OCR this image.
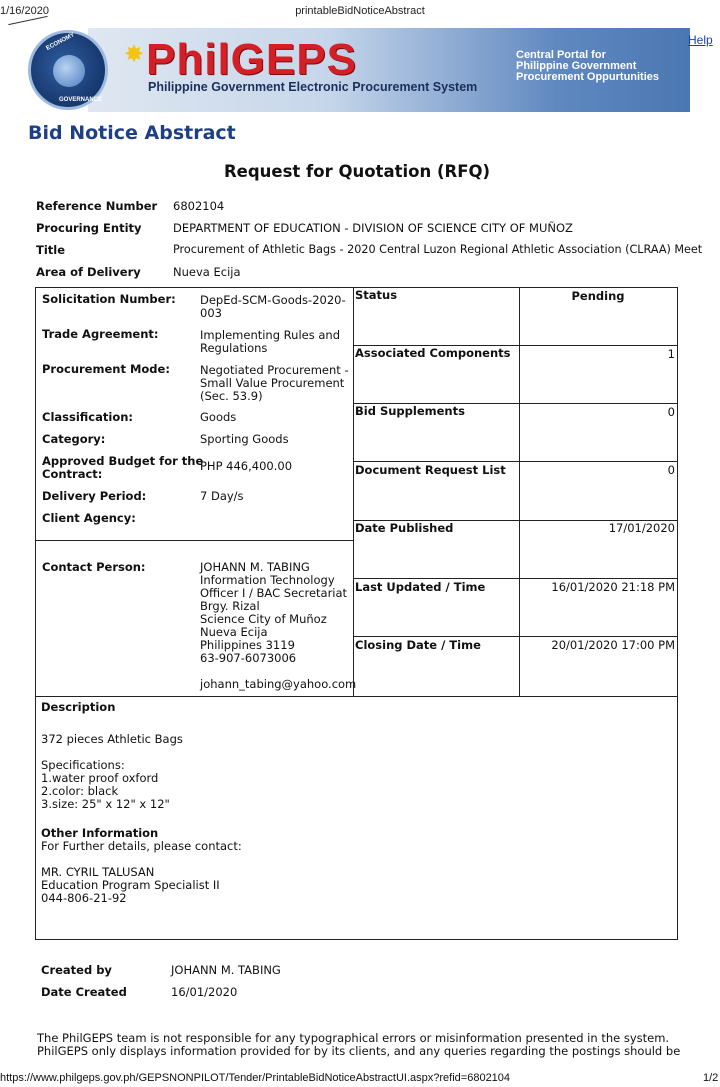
1/16/2020	printableBidNoticeAbstract
ECONOMY
GOVERNANCE
✸ PhilGEPS
Philippine Government Electronic Procurement System
Central Portal for
Philippine Government
Procurement Oppurtunities
Help
Bid Notice Abstract
Request for Quotation (RFQ)
Reference Number 6802104
Procuring Entity	DEPARTMENT OF EDUCATION - DIVISION OF SCIENCE CITY OF MUÑOZ
Title	Procurement of Athletic Bags - 2020 Central Luzon Regional Athletic Association (CLRAA) Meet
Area of Delivery	Nueva Ecija
Solicitation Number: DepEd-SCM-Goods-2020-
003
Trade Agreement:	Implementing Rules and
Regulations
Procurement Mode:	Negotiated Procurement -
Small Value Procurement
(Sec. 53.9)
Classification:	Goods
Category:	Sporting Goods
Approved Budget for the
Contract:
PHP 446,400.00
Delivery Period:	7 Day/s
Client Agency:
Contact Person:	JOHANN M. TABING
Information Technology
Officer I / BAC Secretariat
Brgy. Rizal
Science City of Muñoz
Nueva Ecija
Philippines 3119
63-907-6073006

johann_tabing@yahoo.com
Status	Pending
Associated Components	1
Bid Supplements	0
Document Request List	0
Date Published	17/01/2020
Last Updated / Time	16/01/2020 21:18 PM
Closing Date / Time	20/01/2020 17:00 PM
Description
372 pieces Athletic Bags

Specifications:
1.water proof oxford
2.color: black
3.size: 25" x 12" x 12"
Other Information
For Further details, please contact:

MR. CYRIL TALUSAN
Education Program Specialist II
044-806-21-92
Created by	JOHANN M. TABING
Date Created	16/01/2020
The PhilGEPS team is not responsible for any typographical errors or misinformation presented in the system.
PhilGEPS only displays information provided for by its clients, and any queries regarding the postings should be
https://www.philgeps.gov.ph/GEPSNONPILOT/Tender/PrintableBidNoticeAbstractUI.aspx?refid=6802104	1/2
